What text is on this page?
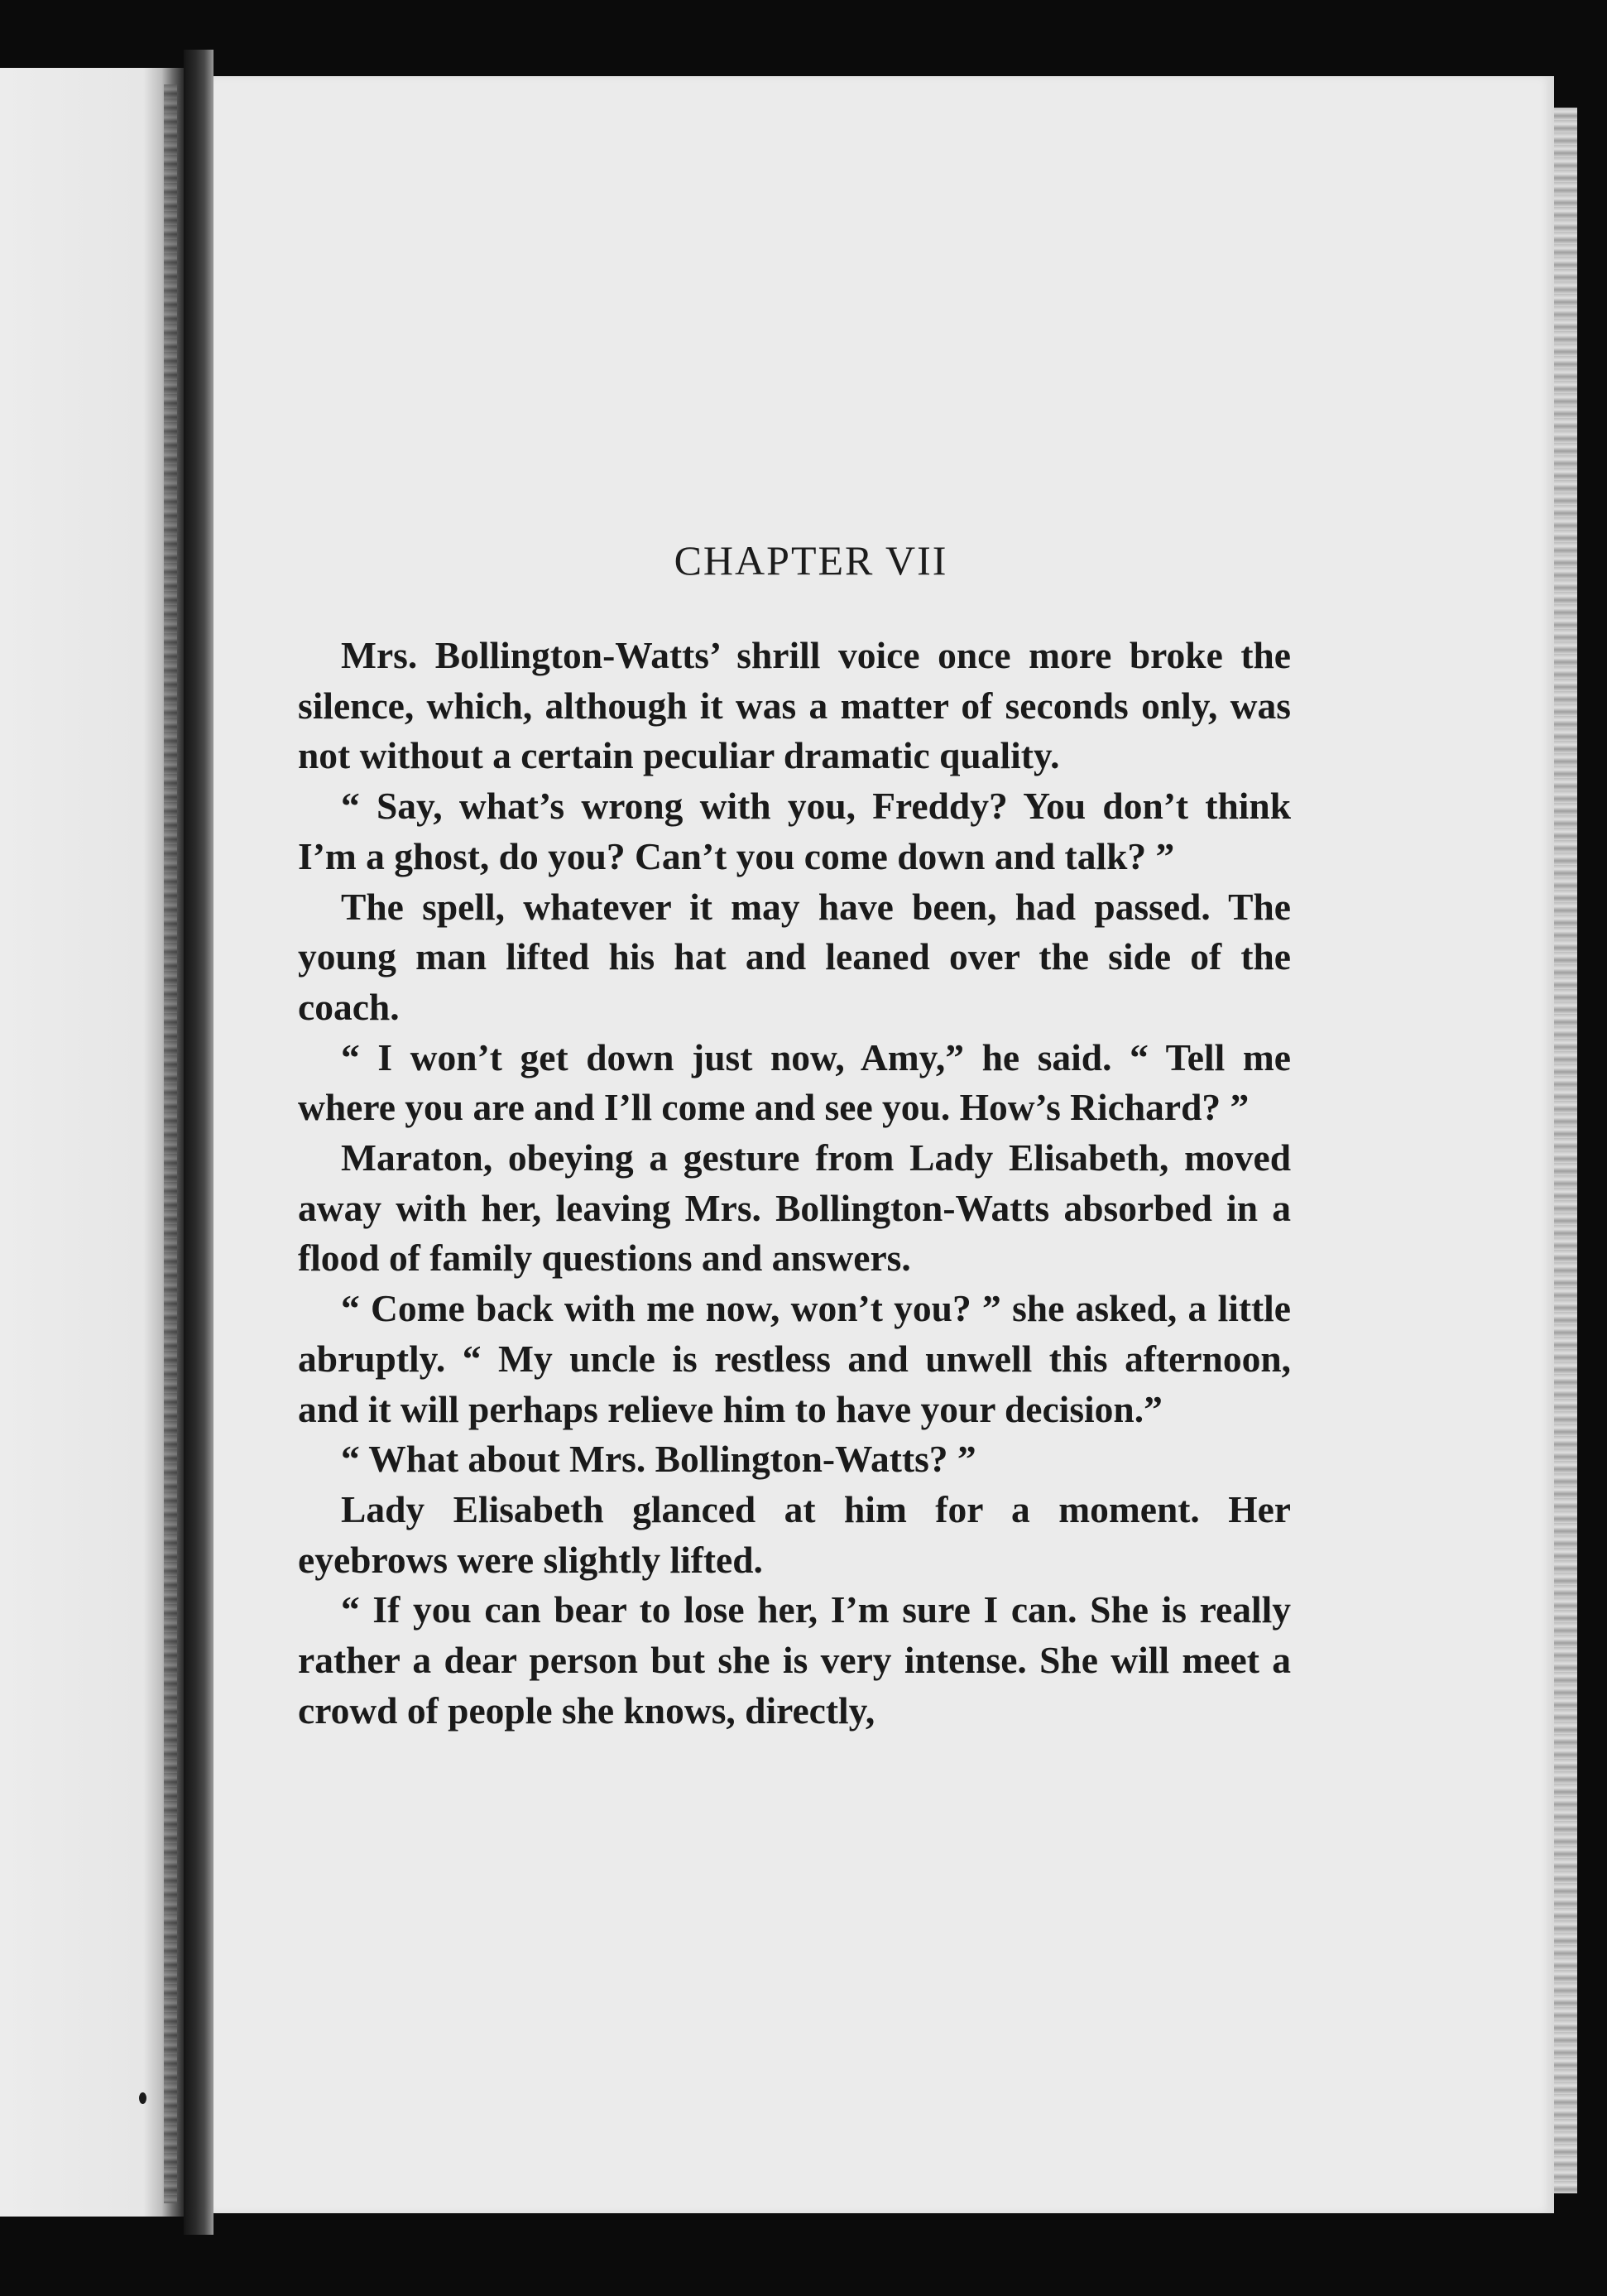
CHAPTER VII

Mrs. Bollington-Watts’ shrill voice once more broke the silence, which, although it was a matter of seconds only, was not without a certain peculiar dramatic quality.

“ Say, what’s wrong with you, Freddy? You don’t think I’m a ghost, do you? Can’t you come down and talk? ”

The spell, whatever it may have been, had passed. The young man lifted his hat and leaned over the side of the coach.

“ I won’t get down just now, Amy,” he said. “ Tell me where you are and I’ll come and see you. How’s Richard? ”

Maraton, obeying a gesture from Lady Elisabeth, moved away with her, leaving Mrs. Bollington-Watts absorbed in a flood of family questions and answers.

“ Come back with me now, won’t you? ” she asked, a little abruptly. “ My uncle is restless and unwell this afternoon, and it will perhaps relieve him to have your decision.”

“ What about Mrs. Bollington-Watts? ”

Lady Elisabeth glanced at him for a moment. Her eyebrows were slightly lifted.

“ If you can bear to lose her, I’m sure I can. She is really rather a dear person but she is very intense. She will meet a crowd of people she knows, directly,
